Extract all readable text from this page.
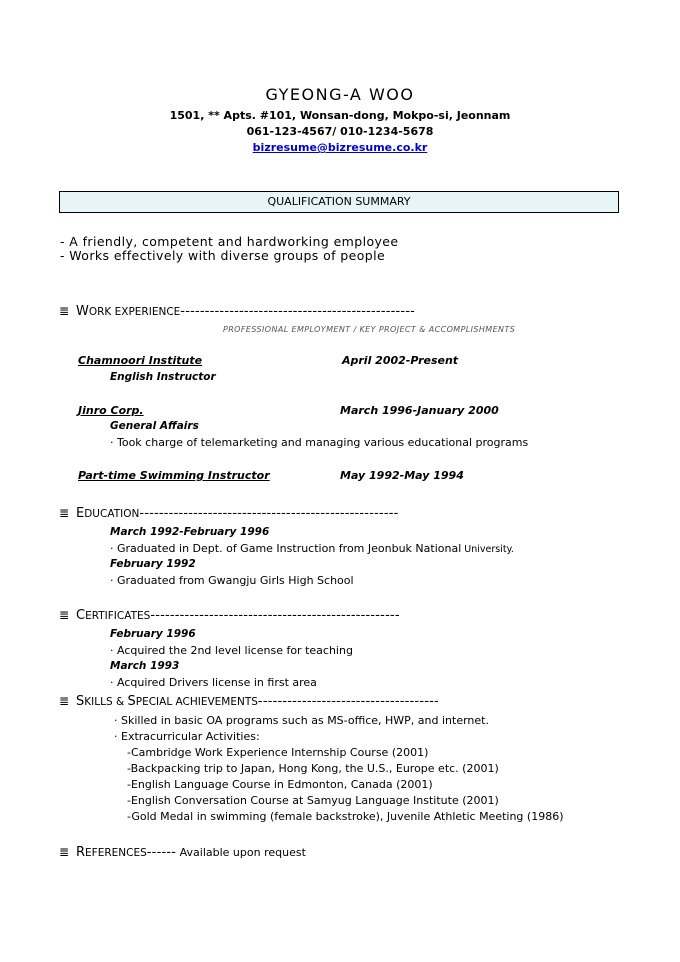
GYEONG-A WOO
1501, ** Apts. #101, Wonsan-dong, Mokpo-si, Jeonnam
061-123-4567/ 010-1234-5678
bizresume@bizresume.co.kr
QUALIFICATION SUMMARY
- A friendly, competent and hardworking employee
- Works effectively with diverse groups of people
≣ WORK EXPERIENCE------------------------------------------------
PROFESSIONAL EMPLOYMENT / KEY PROJECT & ACCOMPLISHMENTS
Chamnoori Institute	April 2002-Present
English Instructor
Jinro Corp.	March 1996-January 2000
General Affairs
· Took charge of telemarketing and managing various educational programs
Part-time Swimming Instructor	May 1992-May 1994
≣ EDUCATION-----------------------------------------------------
March 1992-February 1996
· Graduated in Dept. of Game Instruction from Jeonbuk National University.
February 1992
· Graduated from Gwangju Girls High School
≣ CERTIFICATES---------------------------------------------------
February 1996
· Acquired the 2nd level license for teaching
March 1993
· Acquired Drivers license in first area
≣ SKILLS & SPECIAL ACHIEVEMENTS-------------------------------------
· Skilled in basic OA programs such as MS-office, HWP, and internet.
· Extracurricular Activities:
-Cambridge Work Experience Internship Course (2001)
-Backpacking trip to Japan, Hong Kong, the U.S., Europe etc. (2001)
-English Language Course in Edmonton, Canada (2001)
-English Conversation Course at Samyug Language Institute (2001)
-Gold Medal in swimming (female backstroke), Juvenile Athletic Meeting (1986)
≣ REFERENCES------ Available upon request
